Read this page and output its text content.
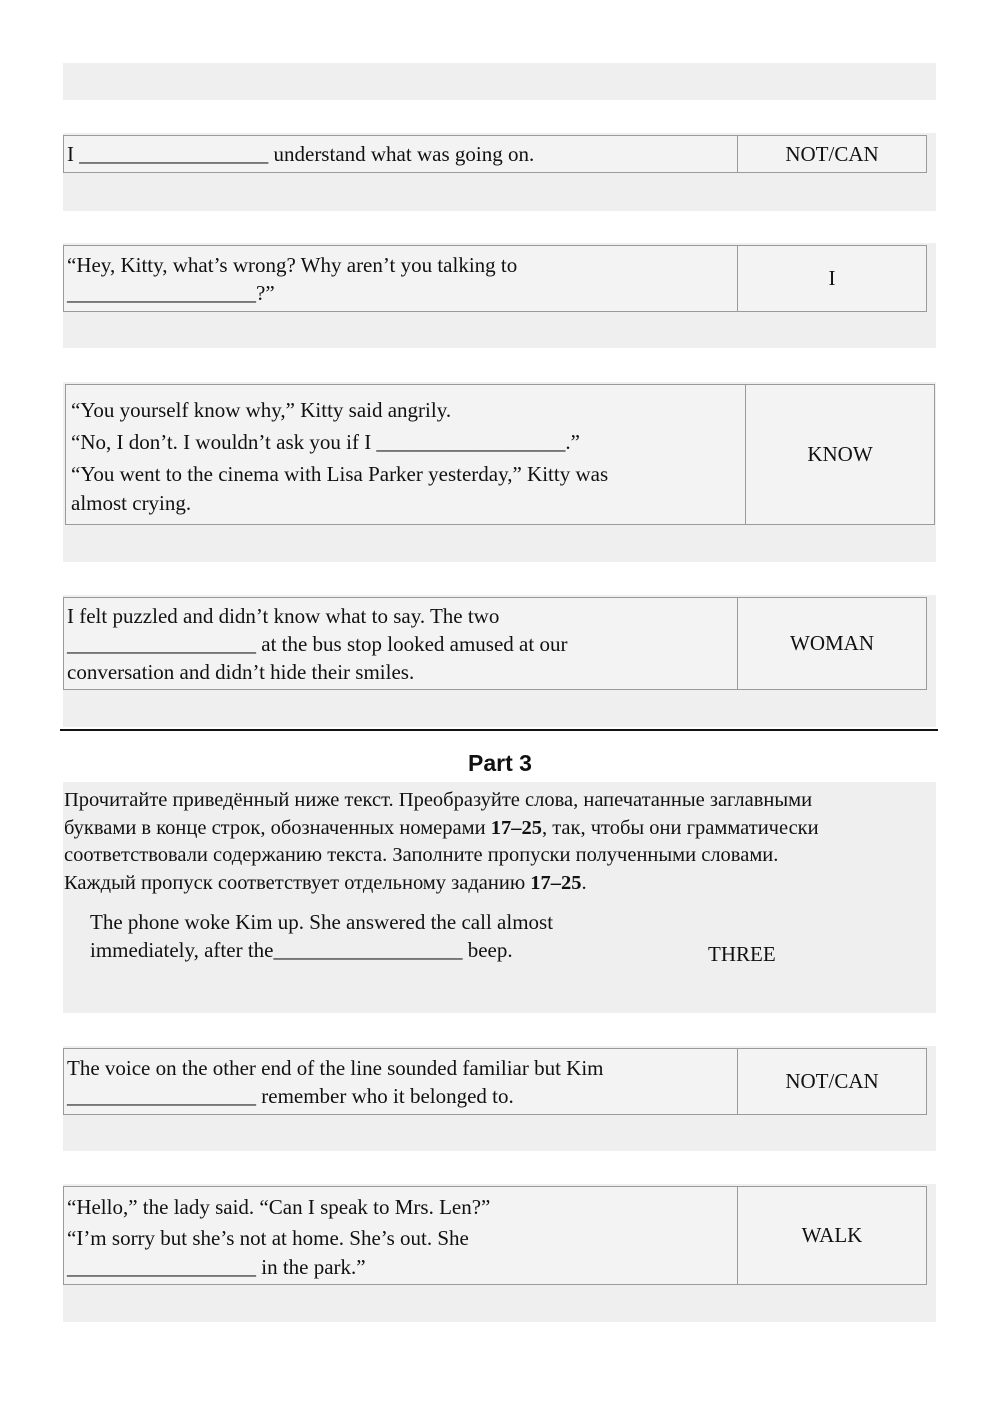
I __________________ understand what was going on.	NOT/CAN
“Hey, Kitty, what’s wrong? Why aren’t you talking to
__________________?”
I
“You yourself know why,” Kitty said angrily.
“No, I don’t. I wouldn’t ask you if I __________________.”
“You went to the cinema with Lisa Parker yesterday,” Kitty was
almost crying.
KNOW
I felt puzzled and didn’t know what to say. The two
__________________ at the bus stop looked amused at our
conversation and didn’t hide their smiles.
WOMAN
Part 3
Прочитайте приведённый ниже текст. Преобразуйте слова, напечатанные заглавными
буквами в конце строк, обозначенных номерами 17–25, так, чтобы они грамматически
соответствовали содержанию текста. Заполните пропуски полученными словами.
Каждый пропуск соответствует отдельному заданию 17–25.
The phone woke Kim up. She answered the call almost
immediately, after the__________________ beep.	THREE
The voice on the other end of the line sounded familiar but Kim
__________________ remember who it belonged to.
NOT/CAN
“Hello,” the lady said. “Can I speak to Mrs. Len?”
“I’m sorry but she’s not at home. She’s out. She
__________________ in the park.”
WALK
